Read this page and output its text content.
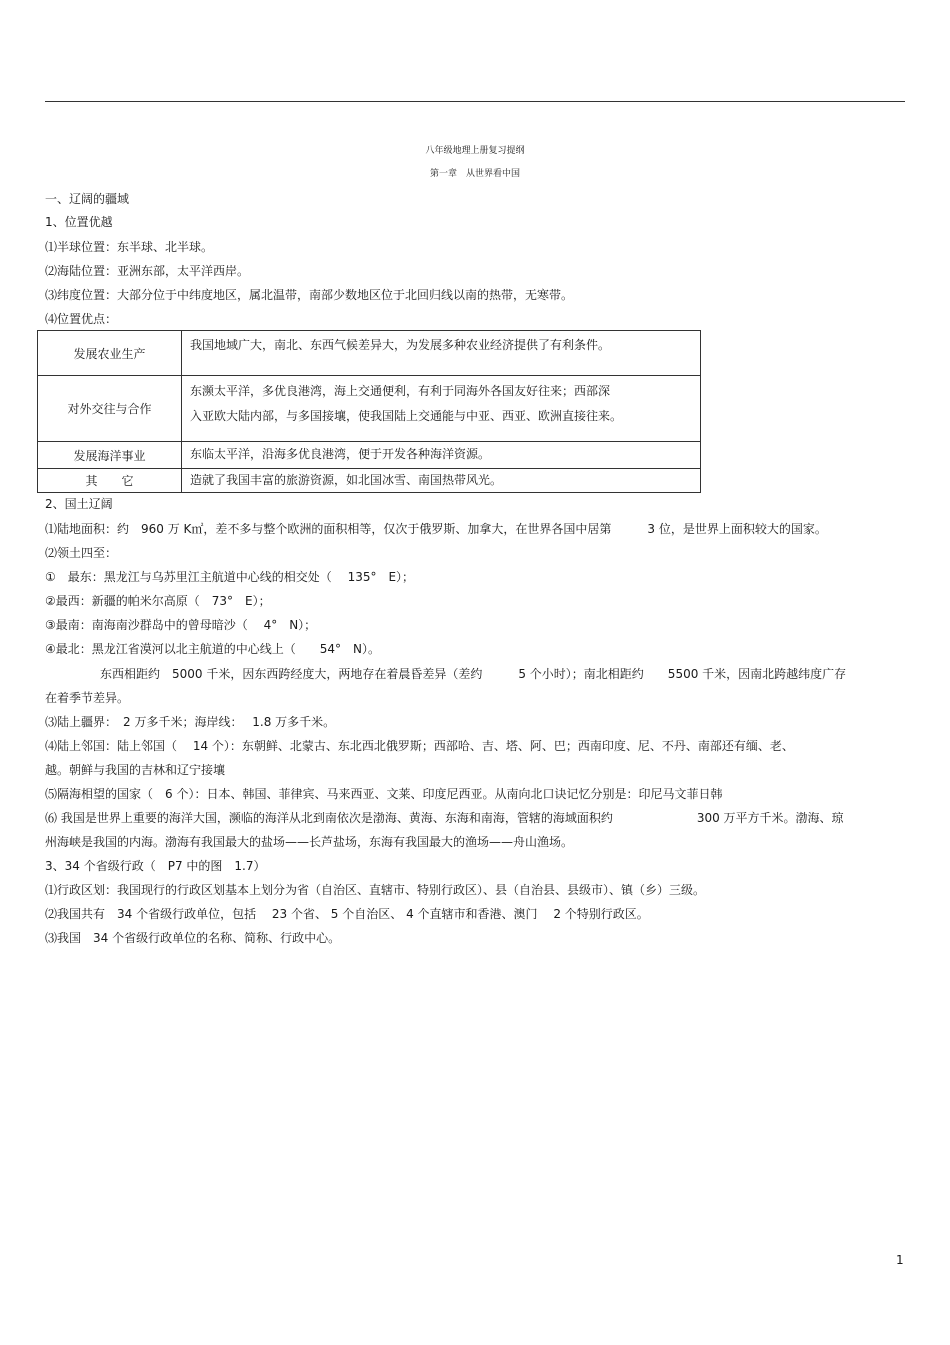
八年级地理上册复习提纲
第一章　从世界看中国
一、辽阔的疆域
1、位置优越
⑴半球位置：东半球、北半球。
⑵海陆位置：亚洲东部，太平洋西岸。
⑶纬度位置：大部分位于中纬度地区，属北温带，南部少数地区位于北回归线以南的热带，无寒带。
⑷位置优点：
发展农业生产	我国地域广大，南北、东西气候差异大，为发展多种农业经济提供了有利条件。
对外交往与合作	东濒太平洋，多优良港湾，海上交通便利，有利于同海外各国友好往来；西部深
入亚欧大陆内部，与多国接壤，使我国陆上交通能与中亚、西亚、欧洲直接往来。

发展海洋事业	东临太平洋，沿海多优良港湾，便于开发各种海洋资源。
其　　它	造就了我国丰富的旅游资源，如北国冰雪、南国热带风光。
2、国土辽阔
⑴陆地面积：约　960 万 K㎡，差不多与整个欧洲的面积相等，仅次于俄罗斯、加拿大，在世界各国中居第　　　3 位，是世界上面积较大的国家。
⑵领土四至：
①　最东：黑龙江与乌苏里江主航道中心线的相交处（　 135°　E）；
②最西：新疆的帕米尔高原（　73°　E）；
③最南：南海南沙群岛中的曾母暗沙（　 4°　N）；
④最北：黑龙江省漠河以北主航道的中心线上（　　54°　N）。
东西相距约　5000 千米，因东西跨经度大，两地存在着晨昏差异（差约　　　5 个小时）；南北相距约　　5500 千米，因南北跨越纬度广存
在着季节差异。
⑶陆上疆界：　2 万多千米；海岸线：　 1.8 万多千米。
⑷陆上邻国：陆上邻国（　 14 个）：东朝鲜、北蒙古、东北西北俄罗斯；西部哈、吉、塔、阿、巴；西南印度、尼、不丹、南部还有缅、老、
越。朝鲜与我国的吉林和辽宁接壤
⑸隔海相望的国家（　6 个）：日本、韩国、菲律宾、马来西亚、文莱、印度尼西亚。从南向北口诀记忆分别是：印尼马文菲日韩
⑹ 我国是世界上重要的海洋大国，濒临的海洋从北到南依次是渤海、黄海、东海和南海，管辖的海域面积约　　　　　　　300 万平方千米。渤海、琼
州海峡是我国的内海。渤海有我国最大的盐场——长芦盐场，东海有我国最大的渔场——舟山渔场。
3、34 个省级行政（　P7 中的图　1.7）
⑴行政区划：我国现行的行政区划基本上划分为省（自治区、直辖市、特别行政区）、县（自治县、县级市）、镇（乡）三级。
⑵我国共有　34 个省级行政单位，包括　 23 个省、 5 个自治区、 4 个直辖市和香港、澳门　 2 个特别行政区。
⑶我国　34 个省级行政单位的名称、简称、行政中心。
1
